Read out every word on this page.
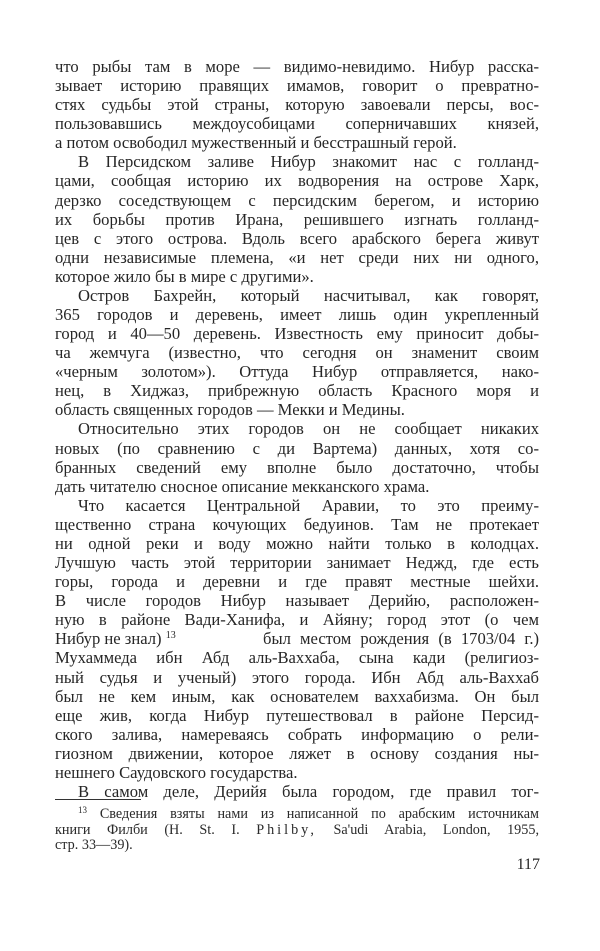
что рыбы там в море — видимо-невидимо. Нибур расска-
зывает историю правящих имамов, говорит о превратно-
стях судьбы этой страны, которую завоевали персы, вос-
пользовавшись междоусобицами соперничавших князей,
а потом освободил мужественный и бесстрашный герой.
В Персидском заливе Нибур знакомит нас с голланд-
цами, сообщая историю их водворения на острове Харк,
дерзко соседствующем с персидским берегом, и историю
их борьбы против Ирана, решившего изгнать голланд-
цев с этого острова. Вдоль всего арабского берега живут
одни независимые племена, «и нет среди них ни одного,
которое жило бы в мире с другими».
Остров Бахрейн, который насчитывал, как говорят,
365 городов и деревень, имеет лишь один укрепленный
город и 40—50 деревень. Известность ему приносит добы-
ча жемчуга (известно, что сегодня он знаменит своим
«черным золотом»). Оттуда Нибур отправляется, нако-
нец, в Хиджаз, прибрежную область Красного моря и
область священных городов — Мекки и Медины.
Относительно этих городов он не сообщает никаких
новых (по сравнению с ди Вартема) данных, хотя со-
бранных сведений ему вполне было достаточно, чтобы
дать читателю сносное описание мекканского храма.
Что касается Центральной Аравии, то это преиму-
щественно страна кочующих бедуинов. Там не протекает
ни одной реки и воду можно найти только в колодцах.
Лучшую часть этой территории занимает Неджд, где есть
горы, города и деревни и где правят местные шейхи.
В числе городов Нибур называет Дерийю, расположен-
ную в районе Вади-Ханифа, и Айяну; город этот (о чем
Нибур не знал) $^{13}$	был местом рождения (в 1703/04 г.)
Мухаммеда ибн Абд аль-Ваххаба, сына кади (религиоз-
ный судья и ученый) этого города. Ибн Абд аль-Ваххаб
был не кем иным, как основателем ваххабизма. Он был
еще жив, когда Нибур путешествовал в районе Персид-
ского залива, намереваясь собрать информацию о рели-
гиозном движении, которое ляжет в основу создания ны-
нешнего Саудовского государства.
В самом деле, Дерийя была городом, где правил тог-
$^{13}$ Сведения взяты нами из написанной по арабским источникам
книги Филби (H. St. I. Philby, Sa'udi Arabia, London, 1955,
стр. 33—39).
117
